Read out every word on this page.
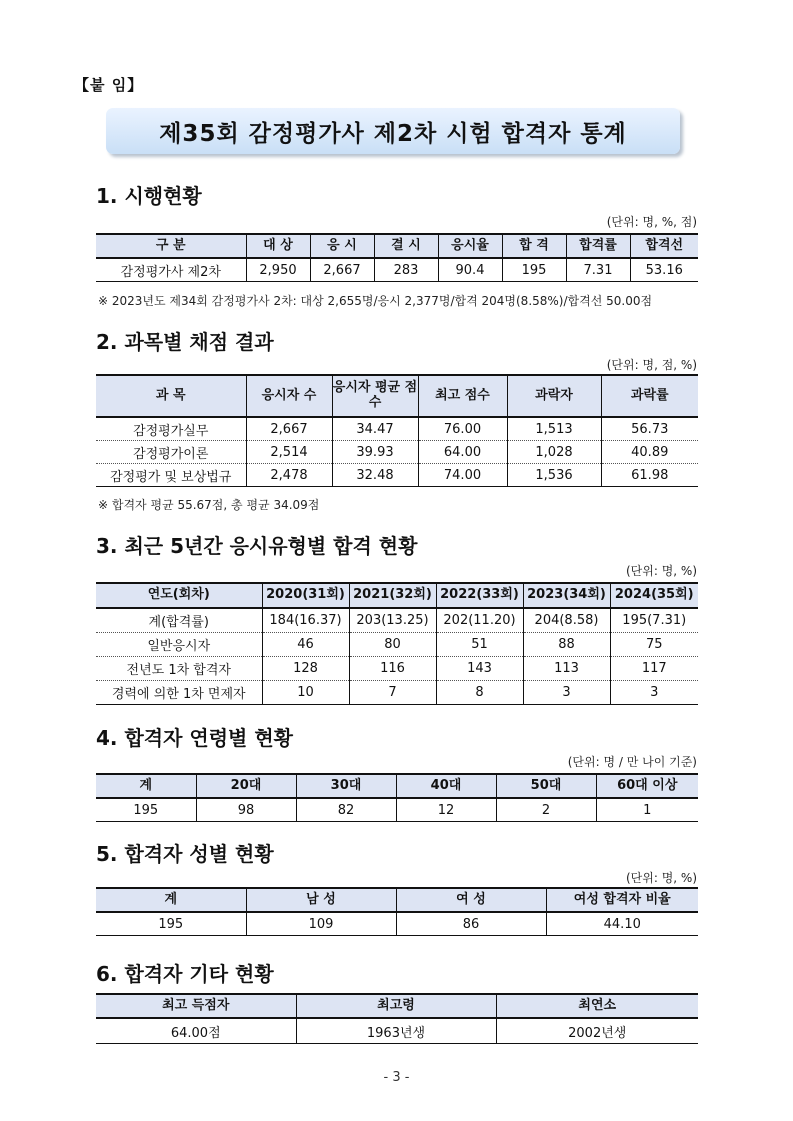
【붙 임】
제35회 감정평가사 제2차 시험 합격자 통계
1. 시행현황
(단위: 명, %, 점)
구 분	대 상	응 시	결 시	응시율	합 격	합격률	합격선
감정평가사 제2차	2,950	2,667	283	90.4	195	7.31	53.16
※ 2023년도 제34회 감정평가사 2차: 대상 2,655명/응시 2,377명/합격 204명(8.58%)/합격선 50.00점
2. 과목별 채점 결과
(단위: 명, 점, %)
과 목	응시자 수	응시자 평균 점수	최고 점수	과락자	과락률
감정평가실무	2,667	34.47	76.00	1,513	56.73
감정평가이론	2,514	39.93	64.00	1,028	40.89
감정평가 및 보상법규	2,478	32.48	74.00	1,536	61.98
※ 합격자 평균 55.67점, 총 평균 34.09점
3. 최근 5년간 응시유형별 합격 현황
(단위: 명, %)
연도(회차)	2020(31회)	2021(32회)	2022(33회)	2023(34회)	2024(35회)
계(합격률)	184(16.37)	203(13.25)	202(11.20)	204(8.58)	195(7.31)
일반응시자	46	80	51	88	75
전년도 1차 합격자	128	116	143	113	117
경력에 의한 1차 면제자	10	7	8	3	3
4. 합격자 연령별 현황
(단위: 명 / 만 나이 기준)
계	20대	30대	40대	50대	60대 이상
195	98	82	12	2	1
5. 합격자 성별 현황
(단위: 명, %)
계	남 성	여 성	여성 합격자 비율
195	109	86	44.10
6. 합격자 기타 현황
최고 득점자	최고령	최연소
64.00점	1963년생	2002년생
- 3 -
